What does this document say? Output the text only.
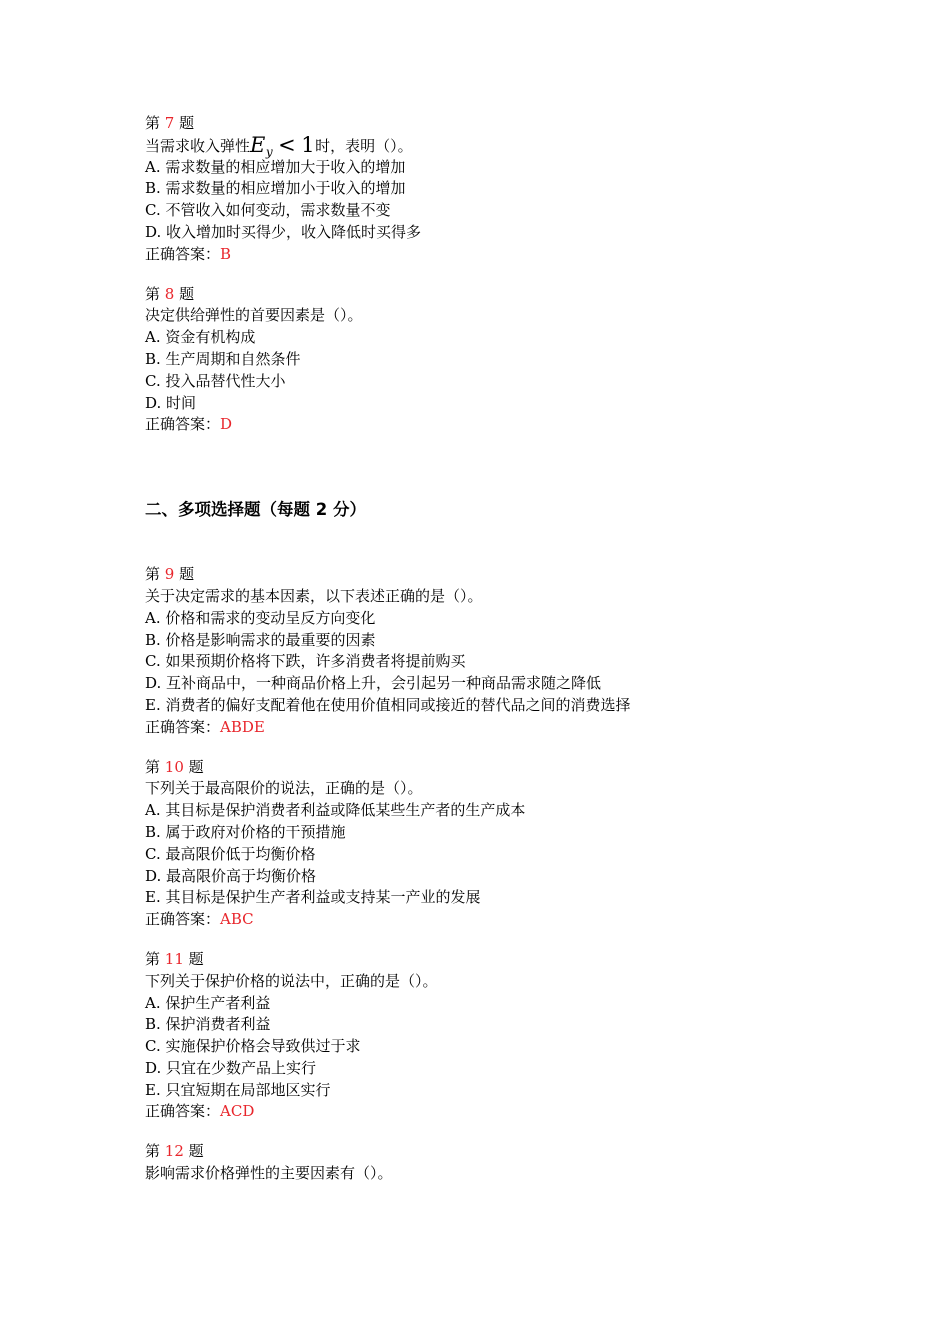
第 7 题
当需求收入弹性$E_y < 1$时，表明（）。
A. 需求数量的相应增加大于收入的增加
B. 需求数量的相应增加小于收入的增加
C. 不管收入如何变动，需求数量不变
D. 收入增加时买得少，收入降低时买得多
正确答案：B
第 8 题
决定供给弹性的首要因素是（）。
A. 资金有机构成
B. 生产周期和自然条件
C. 投入品替代性大小
D. 时间
正确答案：D
二、多项选择题（每题 2 分）
第 9 题
关于决定需求的基本因素，以下表述正确的是（）。
A. 价格和需求的变动呈反方向变化
B. 价格是影响需求的最重要的因素
C. 如果预期价格将下跌，许多消费者将提前购买
D. 互补商品中，一种商品价格上升，会引起另一种商品需求随之降低
E. 消费者的偏好支配着他在使用价值相同或接近的替代品之间的消费选择
正确答案：ABDE
第 10 题
下列关于最高限价的说法，正确的是（）。
A. 其目标是保护消费者利益或降低某些生产者的生产成本
B. 属于政府对价格的干预措施
C. 最高限价低于均衡价格
D. 最高限价高于均衡价格
E. 其目标是保护生产者利益或支持某一产业的发展
正确答案：ABC
第 11 题
下列关于保护价格的说法中，正确的是（）。
A. 保护生产者利益
B. 保护消费者利益
C. 实施保护价格会导致供过于求
D. 只宜在少数产品上实行
E. 只宜短期在局部地区实行
正确答案：ACD
第 12 题
影响需求价格弹性的主要因素有（）。
